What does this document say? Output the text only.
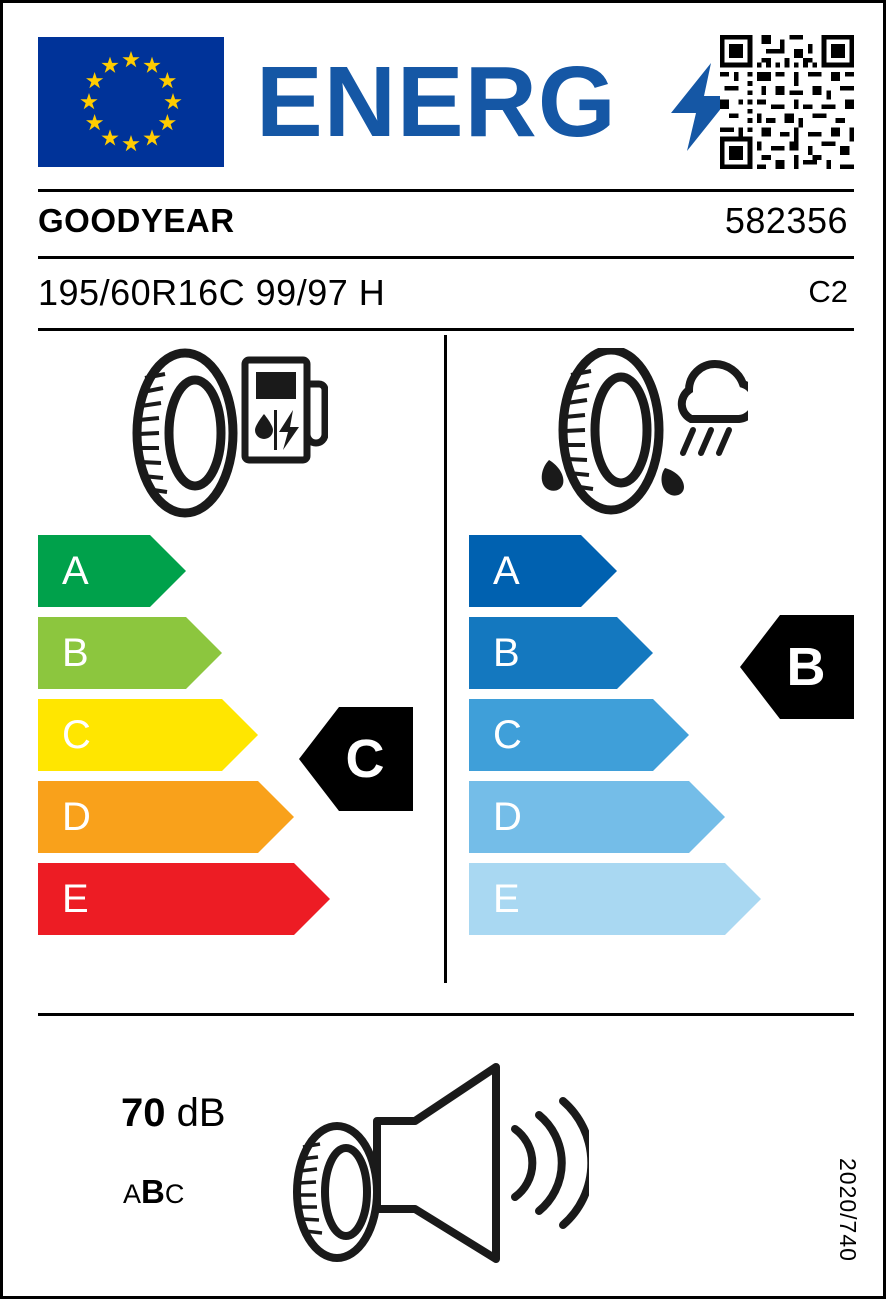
ENERG
GOODYEAR	582356
195/60R16C 99/97 H	C2
A
B
C
D
E
A
B
C
D
E
C
B
70 dB
ABC	2020/740
